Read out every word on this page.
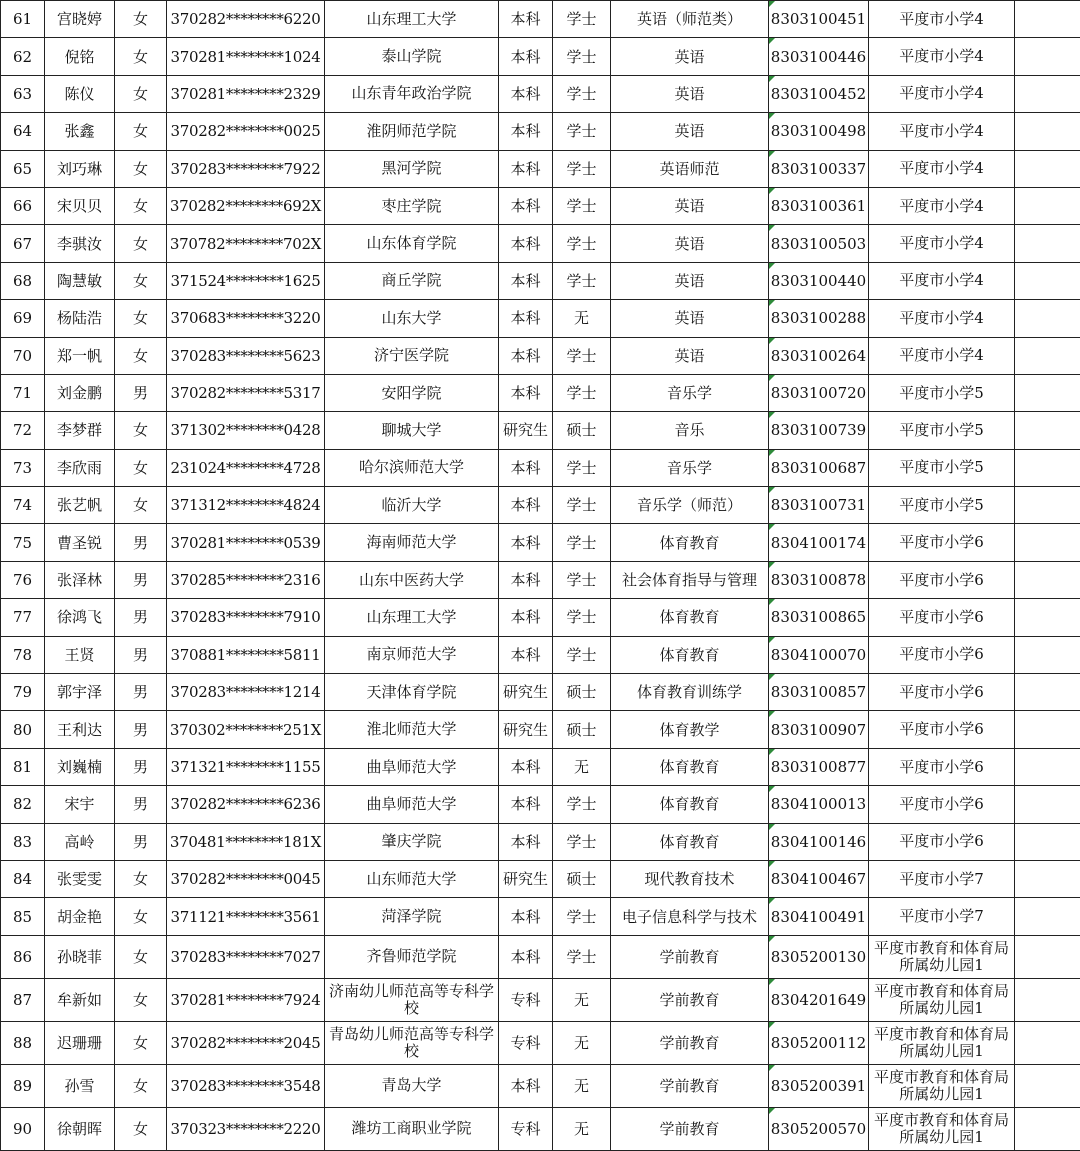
61	宫晓婷	女	370282********6220	山东理工大学	本科	学士	英语（师范类）	8303100451	平度市小学4	
62	倪铭	女	370281********1024	泰山学院	本科	学士	英语	8303100446	平度市小学4	
63	陈仪	女	370281********2329	山东青年政治学院	本科	学士	英语	8303100452	平度市小学4	
64	张鑫	女	370282********0025	淮阴师范学院	本科	学士	英语	8303100498	平度市小学4	
65	刘巧琳	女	370283********7922	黑河学院	本科	学士	英语师范	8303100337	平度市小学4	
66	宋贝贝	女	370282********692X	枣庄学院	本科	学士	英语	8303100361	平度市小学4	
67	李骐汝	女	370782********702X	山东体育学院	本科	学士	英语	8303100503	平度市小学4	
68	陶慧敏	女	371524********1625	商丘学院	本科	学士	英语	8303100440	平度市小学4	
69	杨陆浩	女	370683********3220	山东大学	本科	无	英语	8303100288	平度市小学4	
70	郑一帆	女	370283********5623	济宁医学院	本科	学士	英语	8303100264	平度市小学4	
71	刘金鹏	男	370282********5317	安阳学院	本科	学士	音乐学	8303100720	平度市小学5	
72	李梦群	女	371302********0428	聊城大学	研究生	硕士	音乐	8303100739	平度市小学5	
73	李欣雨	女	231024********4728	哈尔滨师范大学	本科	学士	音乐学	8303100687	平度市小学5	
74	张艺帆	女	371312********4824	临沂大学	本科	学士	音乐学（师范）	8303100731	平度市小学5	
75	曹圣锐	男	370281********0539	海南师范大学	本科	学士	体育教育	8304100174	平度市小学6	
76	张泽林	男	370285********2316	山东中医药大学	本科	学士	社会体育指导与管理	8303100878	平度市小学6	
77	徐鸿飞	男	370283********7910	山东理工大学	本科	学士	体育教育	8303100865	平度市小学6	
78	王贤	男	370881********5811	南京师范大学	本科	学士	体育教育	8304100070	平度市小学6	
79	郭宇泽	男	370283********1214	天津体育学院	研究生	硕士	体育教育训练学	8303100857	平度市小学6	
80	王利达	男	370302********251X	淮北师范大学	研究生	硕士	体育教学	8303100907	平度市小学6	
81	刘巍楠	男	371321********1155	曲阜师范大学	本科	无	体育教育	8303100877	平度市小学6	
82	宋宇	男	370282********6236	曲阜师范大学	本科	学士	体育教育	8304100013	平度市小学6	
83	高岭	男	370481********181X	肇庆学院	本科	学士	体育教育	8304100146	平度市小学6	
84	张雯雯	女	370282********0045	山东师范大学	研究生	硕士	现代教育技术	8304100467	平度市小学7	
85	胡金艳	女	371121********3561	菏泽学院	本科	学士	电子信息科学与技术	8304100491	平度市小学7	
86	孙晓菲	女	370283********7027	齐鲁师范学院	本科	学士	学前教育	8305200130	平度市教育和体育局所属幼儿园1	
87	牟新如	女	370281********7924	济南幼儿师范高等专科学校	专科	无	学前教育	8304201649	平度市教育和体育局所属幼儿园1	
88	迟珊珊	女	370282********2045	青岛幼儿师范高等专科学校	专科	无	学前教育	8305200112	平度市教育和体育局所属幼儿园1	
89	孙雪	女	370283********3548	青岛大学	本科	无	学前教育	8305200391	平度市教育和体育局所属幼儿园1	
90	徐朝晖	女	370323********2220	潍坊工商职业学院	专科	无	学前教育	8305200570	平度市教育和体育局所属幼儿园1	
